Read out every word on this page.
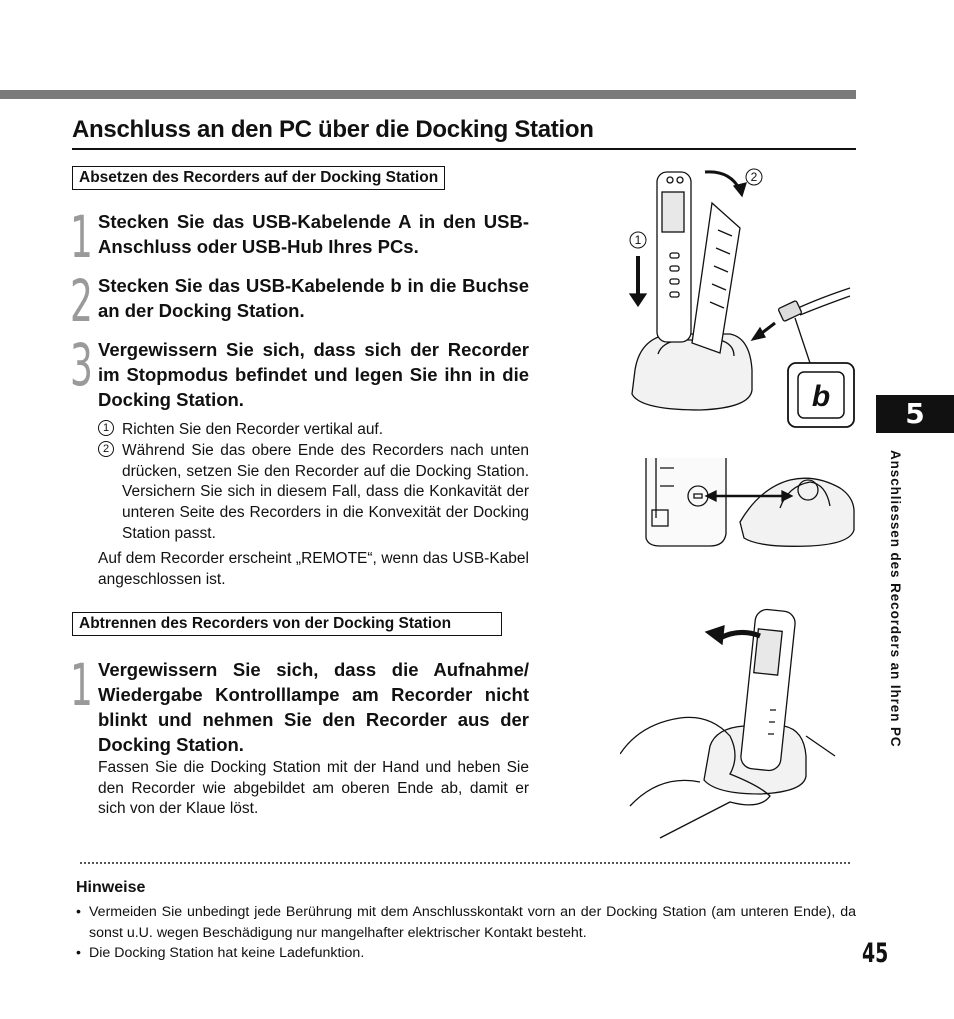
Anschluss an den PC über die Docking Station
Absetzen des Recorders auf der Docking Station
1 Stecken Sie das USB-Kabelende A in den USB-Anschluss oder USB-Hub Ihres PCs.
2 Stecken Sie das USB-Kabelende b in die Buchse an der Docking Station.
3 Vergewissern Sie sich, dass sich der Recorder im Stopmodus befindet und legen Sie ihn in die Docking Station.
1 Richten Sie den Recorder vertikal auf.
2 Während Sie das obere Ende des Recorders nach unten drücken, setzen Sie den Recorder auf die Docking Station. Versichern Sie sich in diesem Fall, dass die Konkavität der unteren Seite des Recorders in die Konvexität der Docking Station passt.
Auf dem Recorder erscheint „REMOTE“, wenn das USB-Kabel angeschlossen ist.
Abtrennen des Recorders von der Docking Station
1 Vergewissern Sie sich, dass die Aufnahme/ Wiedergabe Kontrolllampe am Recorder nicht blinkt und nehmen Sie den Recorder aus der Docking Station.
Fassen Sie die Docking Station mit der Hand und heben Sie den Recorder wie abgebildet am oberen Ende ab, damit er sich von der Klaue löst.
Hinweise
• Vermeiden Sie unbedingt jede Berührung mit dem Anschlusskontakt vorn an der Docking Station (am unteren Ende), da sonst u.U. wegen Beschädigung nur mangelhafter elektrischer Kontakt besteht.
• Die Docking Station hat keine Ladefunktion.
5
Anschliessen des Recorders an Ihren PC
45
b
1
2
